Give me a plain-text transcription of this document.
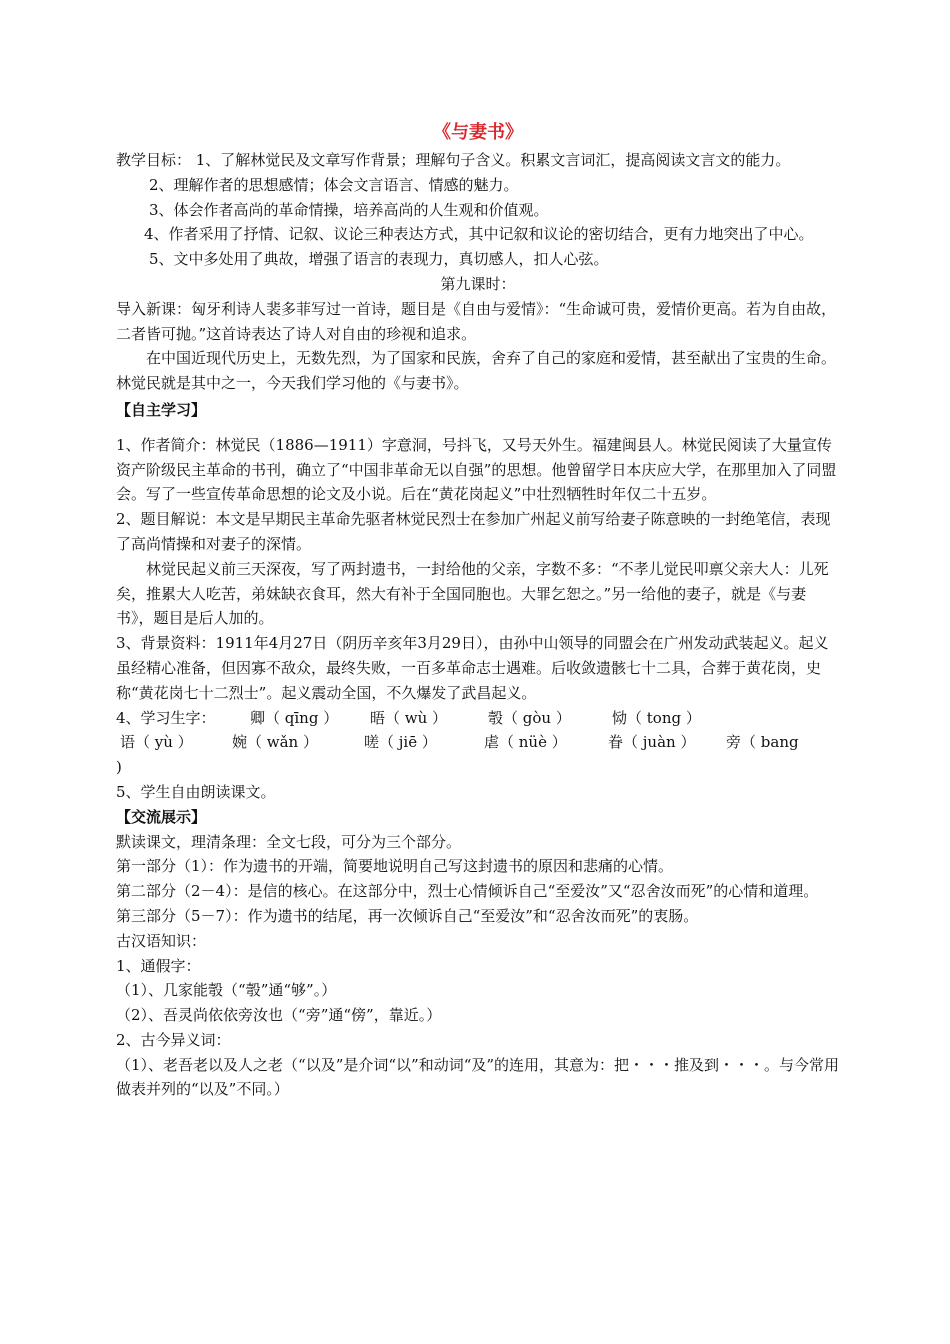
《与妻书》

教学目标： 1、了解林觉民及文章写作背景；理解句子含义。积累文言词汇，提高阅读文言文的能力。

2、理解作者的思想感情；体会文言语言、情感的魅力。

3、体会作者高尚的革命情操，培养高尚的人生观和价值观。

4、作者采用了抒情、记叙、议论三种表达方式，其中记叙和议论的密切结合，更有力地突出了中心。

5、文中多处用了典故，增强了语言的表现力，真切感人，扣人心弦。

第九课时：

导入新课：匈牙利诗人裴多菲写过一首诗，题目是《自由与爱情》：“生命诚可贵，爱情价更高。若为自由故，二者皆可抛。”这首诗表达了诗人对自由的珍视和追求。

在中国近现代历史上，无数先烈，为了国家和民族，舍弃了自己的家庭和爱情，甚至献出了宝贵的生命。林觉民就是其中之一，今天我们学习他的《与妻书》。

【自主学习】

1、作者简介：林觉民（1886—1911）字意洞，号抖飞，又号天外生。福建闽县人。林觉民阅读了大量宣传资产阶级民主革命的书刊，确立了“中国非革命无以自强”的思想。他曾留学日本庆应大学，在那里加入了同盟会。写了一些宣传革命思想的论文及小说。后在“黄花岗起义”中壮烈牺牲时年仅二十五岁。

2、题目解说：本文是早期民主革命先驱者林觉民烈士在参加广州起义前写给妻子陈意映的一封绝笔信，表现了高尚情操和对妻子的深情。

林觉民起义前三天深夜，写了两封遗书，一封给他的父亲，字数不多：“不孝儿觉民叩禀父亲大人：儿死矣，推累大人吃苦，弟妹缺衣食耳，然大有补于全国同胞也。大罪乞恕之。”另一给他的妻子，就是《与妻书》，题目是后人加的。

3、背景资料：1911年4月27日（阴历辛亥年3月29日），由孙中山领导的同盟会在广州发动武装起义。起义虽经精心准备，但因寡不敌众，最终失败，一百多革命志士遇难。后收敛遗骸七十二具，合葬于黄花岗，史称“黄花岗七十二烈士”。起义震动全国，不久爆发了武昌起义。

4、学习生字：	卿（ qīng ）	晤（ wù ）	彀（ gòu ）	恸（ tong ）
语（ yù ）	婉（ wǎn ）	嗟（ jiē ）	虐（ nüè ）	眷（ juàn ）	旁（ bang

)

5、学生自由朗读课文。

【交流展示】

默读课文，理清条理：全文七段，可分为三个部分。

第一部分（1）：作为遗书的开端，简要地说明自己写这封遗书的原因和悲痛的心情。

第二部分（2－4）：是信的核心。在这部分中，烈士心情倾诉自己“至爱汝”又“忍舍汝而死”的心情和道理。

第三部分（5－7）：作为遗书的结尾，再一次倾诉自己“至爱汝”和“忍舍汝而死”的衷肠。

古汉语知识：

1、通假字：

（1）、几家能彀（“彀”通“够”。）

（2）、吾灵尚依依旁汝也（“旁”通“傍”，靠近。）

2、古今异义词：

（1）、老吾老以及人之老（“以及”是介词“以”和动词“及”的连用，其意为：把・・・推及到・・・。与今常用做表并列的“以及”不同。）
